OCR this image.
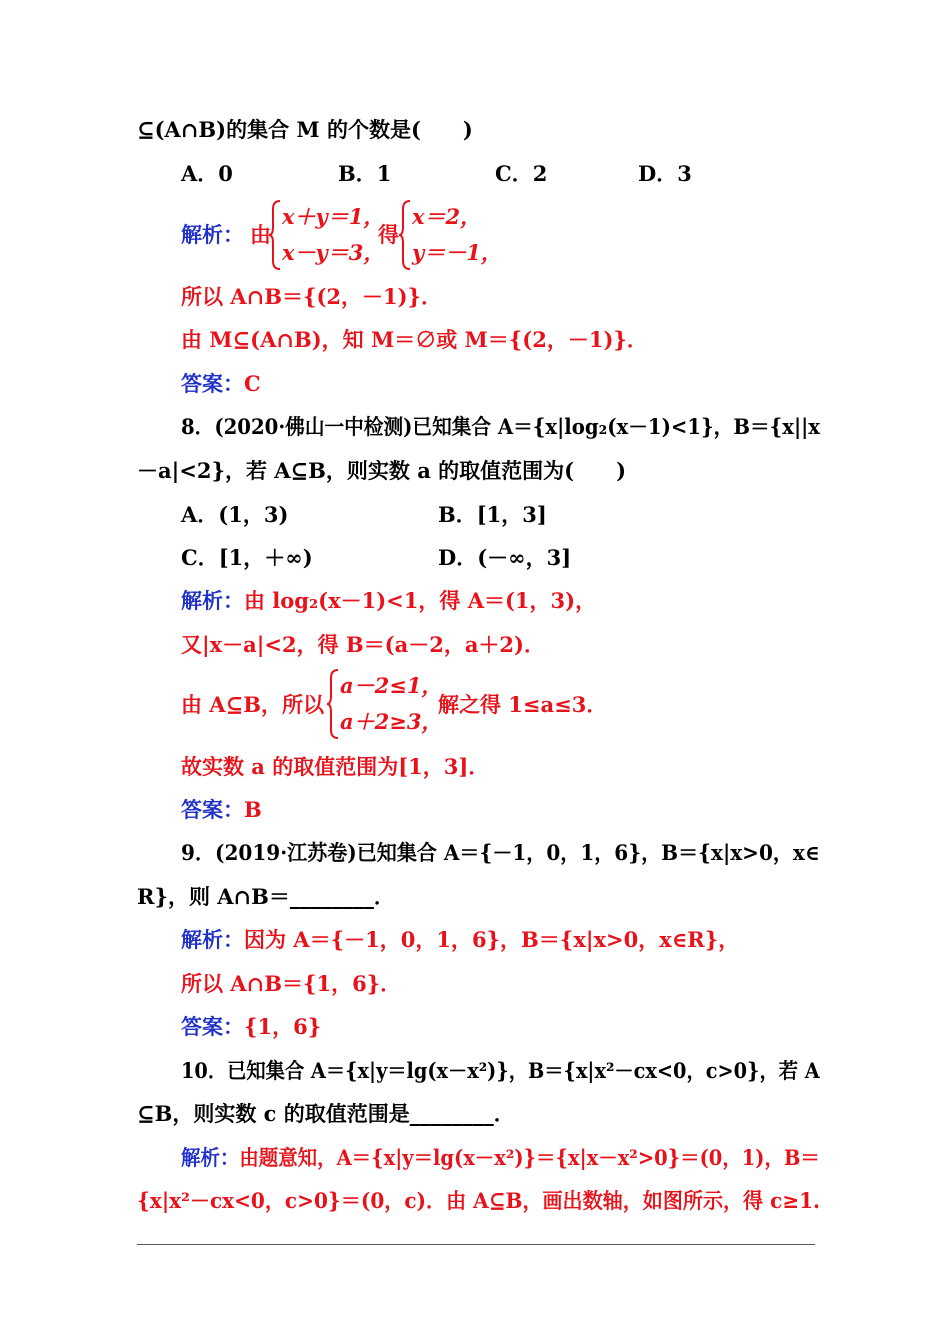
⊆(A∩B)的集合 M 的个数是(　　)
A．0	B．1	C．2	D．3
解析： 由
x＋y＝1，
x－y＝3，
得
x＝2，
y＝－1，
所以 A∩B＝{(2，－1)}．
由 M⊆(A∩B)，知 M＝∅或 M＝{(2，－1)}．
答案：C
8．(2020·佛山一中检测)已知集合 A＝{x|log₂(x－1)<1}，B＝{x||x
－a|<2}，若 A⊆B，则实数 a 的取值范围为(　　)
A．(1，3)	B．[1，3]
C．[1，＋∞)	D．(－∞，3]
解析：由 log₂(x－1)<1，得 A＝(1，3)，
又|x－a|<2，得 B＝(a－2，a＋2)．
由 A⊆B，所以
a－2≤1，
a＋2≥3，
解之得 1≤a≤3．
故实数 a 的取值范围为[1，3]．
答案：B
9．(2019·江苏卷)已知集合 A＝{－1，0，1，6}，B＝{x|x>0，x∈
R}，则 A∩B＝________．
解析：因为 A＝{－1，0，1，6}，B＝{x|x>0，x∈R}，
所以 A∩B＝{1，6}．
答案：{1，6}
10．已知集合 A＝{x|y＝lg(x－x²)}，B＝{x|x²－cx<0，c>0}，若 A
⊆B，则实数 c 的取值范围是________．
解析：由题意知，A＝{x|y＝lg(x－x²)}＝{x|x－x²>0}＝(0，1)，B＝
{x|x²－cx<0，c>0}＝(0，c)．由 A⊆B，画出数轴，如图所示，得 c≥1.
